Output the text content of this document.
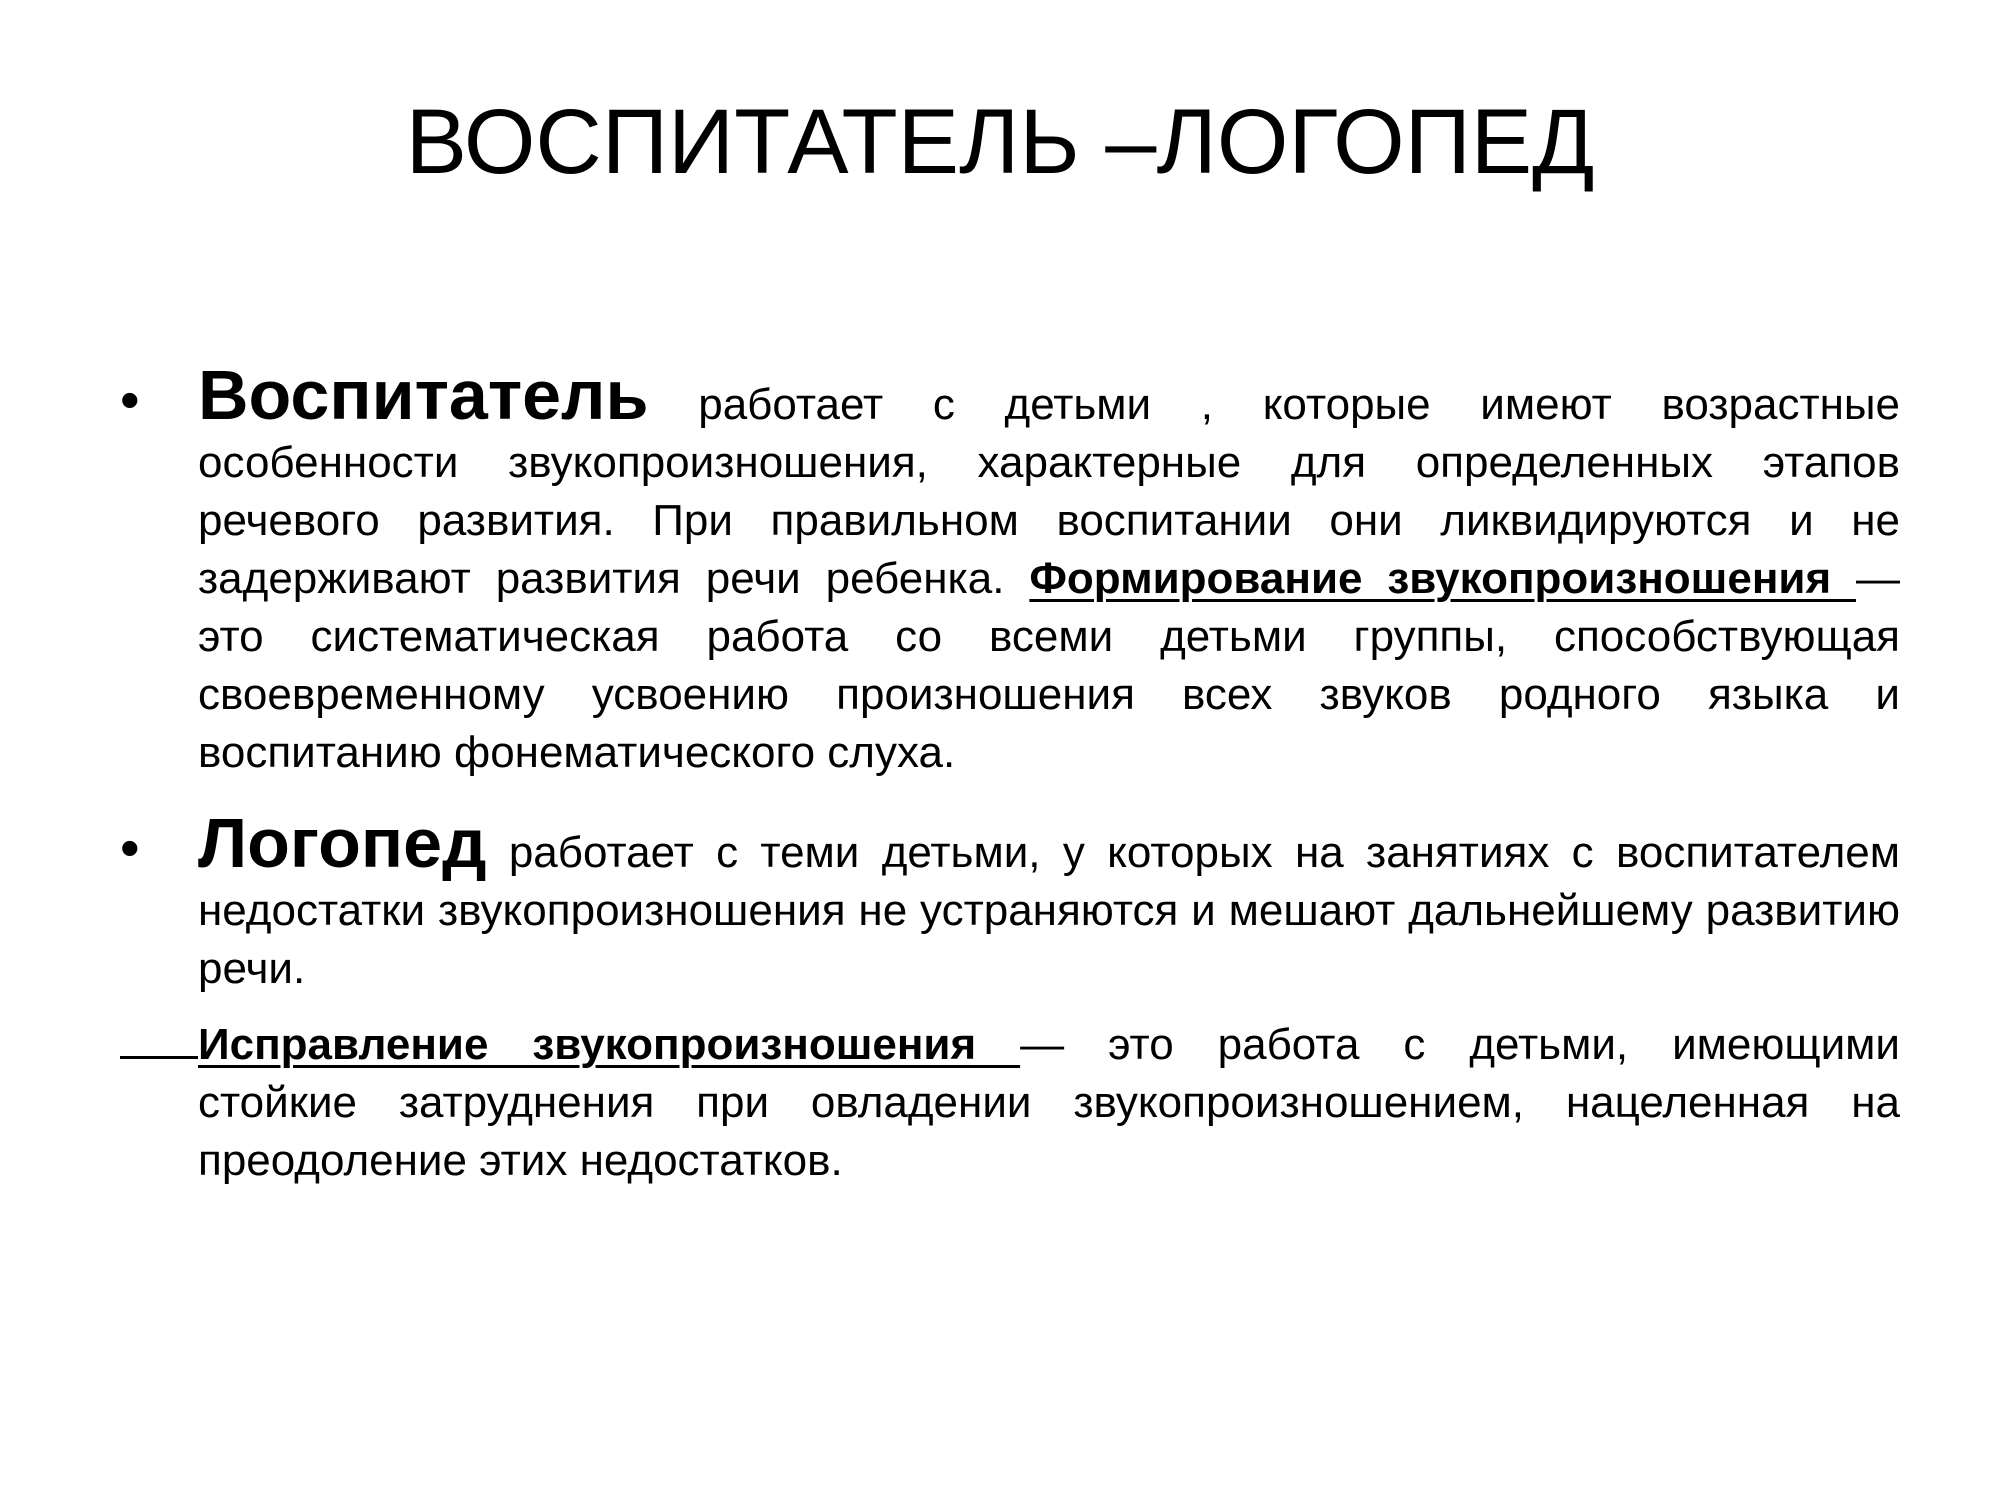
ВОСПИТАТЕЛЬ –ЛОГОПЕД
• Воспитатель работает с детьми , которые имеют возрастные особенности звукопроизношения, характерные для определенных этапов речевого развития. При правильном воспитании они ликвидируются и не задерживают развития речи ребенка. Формирование звукопроизношения — это систематическая работа со всеми детьми группы, способствующая своевременному усвоению произношения всех звуков родного языка и воспитанию фонематического слуха.

• Логопед работает с теми детьми, у которых на занятиях с воспитателем недостатки звукопроизношения не устраняются и мешают дальнейшему развитию речи.

Исправление звукопроизношения — это работа с детьми, имеющими

стойкие затруднения при овладении звукопроизношением, нацеленная на преодоление этих недостатков.
